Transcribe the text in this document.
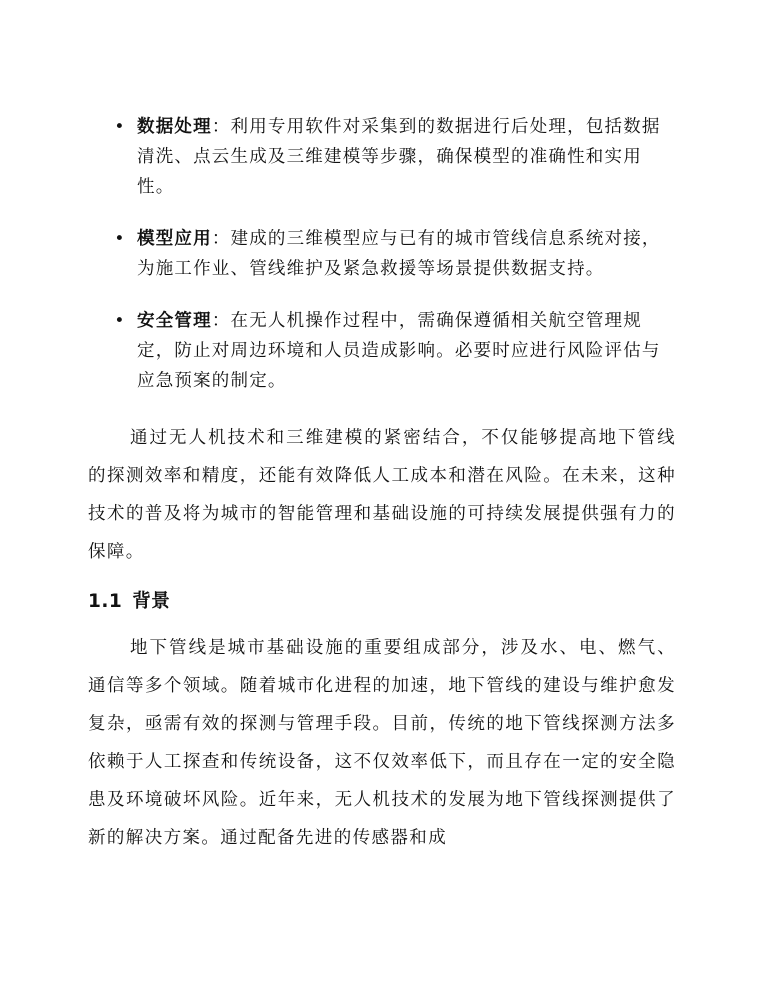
• 数据处理：利用专用软件对采集到的数据进行后处理，包括数据清洗、点云生成及三维建模等步骤，确保模型的准确性和实用性。
• 模型应用：建成的三维模型应与已有的城市管线信息系统对接，为施工作业、管线维护及紧急救援等场景提供数据支持。
• 安全管理：在无人机操作过程中，需确保遵循相关航空管理规定，防止对周边环境和人员造成影响。必要时应进行风险评估与应急预案的制定。

通过无人机技术和三维建模的紧密结合，不仅能够提高地下管线的探测效率和精度，还能有效降低人工成本和潜在风险。在未来，这种技术的普及将为城市的智能管理和基础设施的可持续发展提供强有力的保障。

1.1 背景

地下管线是城市基础设施的重要组成部分，涉及水、电、燃气、通信等多个领域。随着城市化进程的加速，地下管线的建设与维护愈发复杂，亟需有效的探测与管理手段。目前，传统的地下管线探测方法多依赖于人工探查和传统设备，这不仅效率低下，而且存在一定的安全隐患及环境破坏风险。近年来，无人机技术的发展为地下管线探测提供了新的解决方案。通过配备先进的传感器和成
